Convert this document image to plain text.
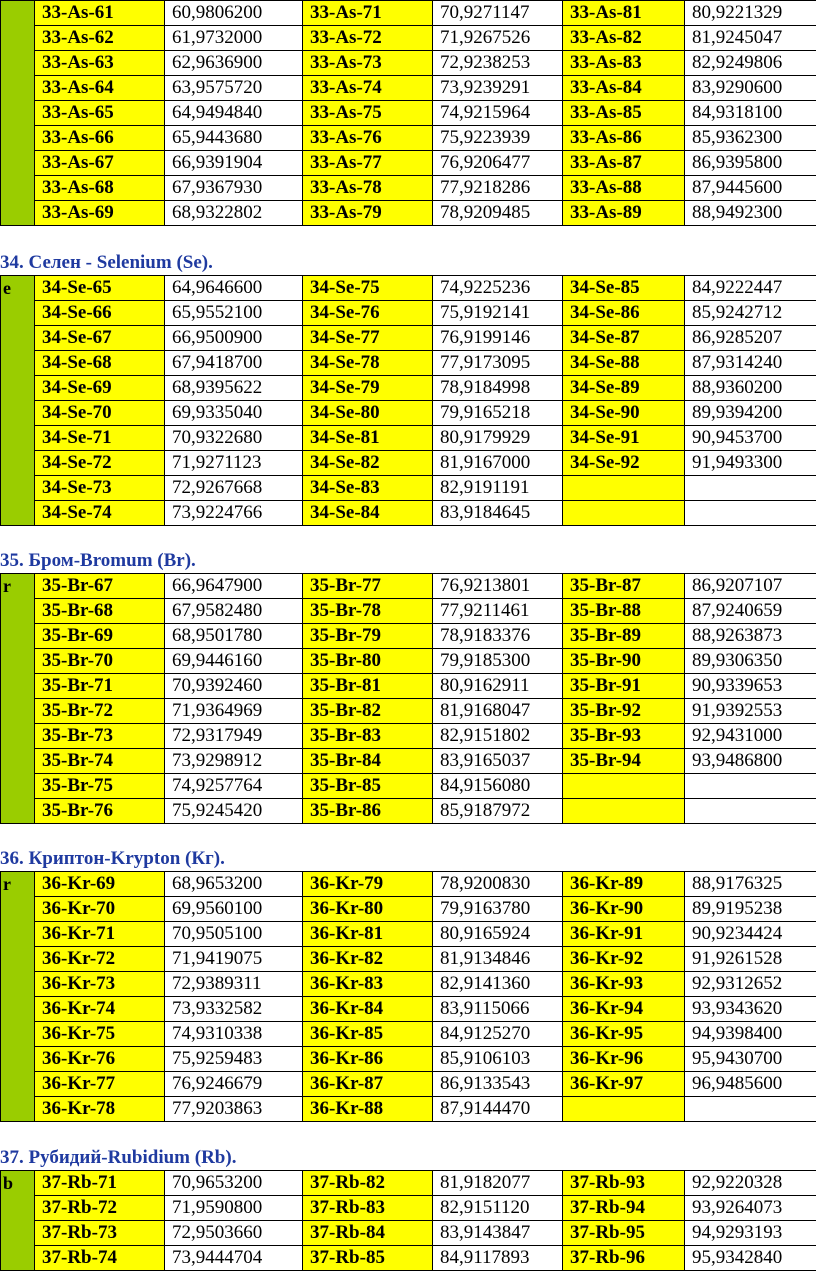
	33-As-61	60,9806200	33-As-71	70,9271147	33-As-81	80,9221329
	33-As-62	61,9732000	33-As-72	71,9267526	33-As-82	81,9245047
	33-As-63	62,9636900	33-As-73	72,9238253	33-As-83	82,9249806
	33-As-64	63,9575720	33-As-74	73,9239291	33-As-84	83,9290600
	33-As-65	64,9494840	33-As-75	74,9215964	33-As-85	84,9318100
	33-As-66	65,9443680	33-As-76	75,9223939	33-As-86	85,9362300
	33-As-67	66,9391904	33-As-77	76,9206477	33-As-87	86,9395800
	33-As-68	67,9367930	33-As-78	77,9218286	33-As-88	87,9445600
	33-As-69	68,9322802	33-As-79	78,9209485	33-As-89	88,9492300
34. Селен - Selenium (Se).
e	34-Se-65	64,9646600	34-Se-75	74,9225236	34-Se-85	84,9222447
	34-Se-66	65,9552100	34-Se-76	75,9192141	34-Se-86	85,9242712
	34-Se-67	66,9500900	34-Se-77	76,9199146	34-Se-87	86,9285207
	34-Se-68	67,9418700	34-Se-78	77,9173095	34-Se-88	87,9314240
	34-Se-69	68,9395622	34-Se-79	78,9184998	34-Se-89	88,9360200
	34-Se-70	69,9335040	34-Se-80	79,9165218	34-Se-90	89,9394200
	34-Se-71	70,9322680	34-Se-81	80,9179929	34-Se-91	90,9453700
	34-Se-72	71,9271123	34-Se-82	81,9167000	34-Se-92	91,9493300
	34-Se-73	72,9267668	34-Se-83	82,9191191		
	34-Se-74	73,9224766	34-Se-84	83,9184645		
35. Бром-Bromum (Br).
r	35-Br-67	66,9647900	35-Br-77	76,9213801	35-Br-87	86,9207107
	35-Br-68	67,9582480	35-Br-78	77,9211461	35-Br-88	87,9240659
	35-Br-69	68,9501780	35-Br-79	78,9183376	35-Br-89	88,9263873
	35-Br-70	69,9446160	35-Br-80	79,9185300	35-Br-90	89,9306350
	35-Br-71	70,9392460	35-Br-81	80,9162911	35-Br-91	90,9339653
	35-Br-72	71,9364969	35-Br-82	81,9168047	35-Br-92	91,9392553
	35-Br-73	72,9317949	35-Br-83	82,9151802	35-Br-93	92,9431000
	35-Br-74	73,9298912	35-Br-84	83,9165037	35-Br-94	93,9486800
	35-Br-75	74,9257764	35-Br-85	84,9156080		
	35-Br-76	75,9245420	35-Br-86	85,9187972		
36. Криптон-Krypton (Кг).
r	36-Kr-69	68,9653200	36-Kr-79	78,9200830	36-Kr-89	88,9176325
	36-Kr-70	69,9560100	36-Kr-80	79,9163780	36-Kr-90	89,9195238
	36-Kr-71	70,9505100	36-Kr-81	80,9165924	36-Kr-91	90,9234424
	36-Kr-72	71,9419075	36-Kr-82	81,9134846	36-Kr-92	91,9261528
	36-Kr-73	72,9389311	36-Kr-83	82,9141360	36-Kr-93	92,9312652
	36-Kr-74	73,9332582	36-Kr-84	83,9115066	36-Kr-94	93,9343620
	36-Kr-75	74,9310338	36-Kr-85	84,9125270	36-Kr-95	94,9398400
	36-Kr-76	75,9259483	36-Kr-86	85,9106103	36-Kr-96	95,9430700
	36-Kr-77	76,9246679	36-Kr-87	86,9133543	36-Kr-97	96,9485600
	36-Kr-78	77,9203863	36-Kr-88	87,9144470		
37. Рубидий-Rubidium (Rb).
b	37-Rb-71	70,9653200	37-Rb-82	81,9182077	37-Rb-93	92,9220328
	37-Rb-72	71,9590800	37-Rb-83	82,9151120	37-Rb-94	93,9264073
	37-Rb-73	72,9503660	37-Rb-84	83,9143847	37-Rb-95	94,9293193
	37-Rb-74	73,9444704	37-Rb-85	84,9117893	37-Rb-96	95,9342840
